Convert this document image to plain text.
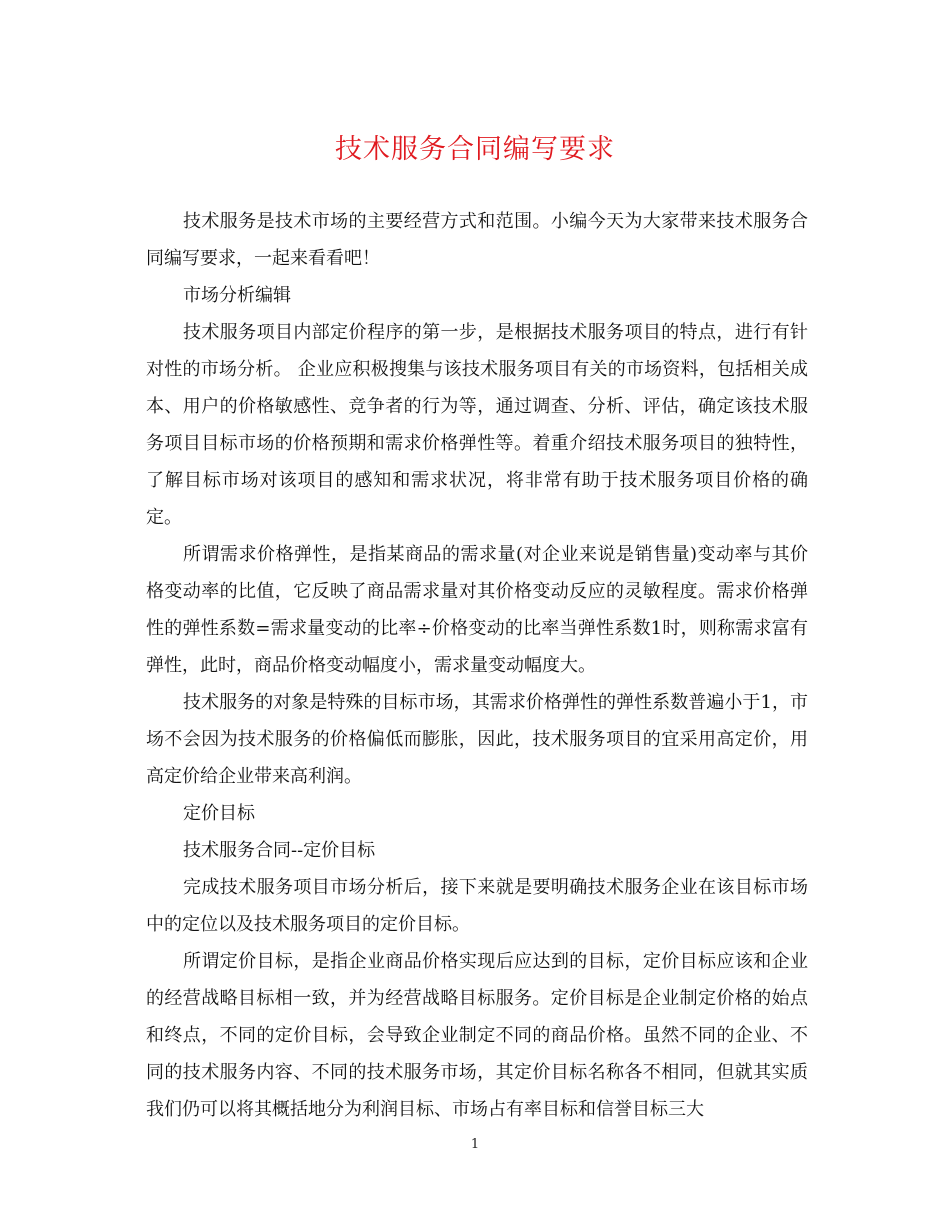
技术服务合同编写要求

技术服务是技术市场的主要经营方式和范围。小编今天为大家带来技术服务合同编写要求，一起来看看吧！

市场分析编辑

技术服务项目内部定价程序的第一步，是根据技术服务项目的特点，进行有针对性的市场分析。 企业应积极搜集与该技术服务项目有关的市场资料，包括相关成本、用户的价格敏感性、竞争者的行为等，通过调查、分析、评估，确定该技术服务项目目标市场的价格预期和需求价格弹性等。着重介绍技术服务项目的独特性，了解目标市场对该项目的感知和需求状况，将非常有助于技术服务项目价格的确定。

所谓需求价格弹性，是指某商品的需求量(对企业来说是销售量)变动率与其价格变动率的比值，它反映了商品需求量对其价格变动反应的灵敏程度。需求价格弹性的弹性系数=需求量变动的比率÷价格变动的比率当弹性系数1时，则称需求富有弹性，此时，商品价格变动幅度小，需求量变动幅度大。

技术服务的对象是特殊的目标市场，其需求价格弹性的弹性系数普遍小于1，市场不会因为技术服务的价格偏低而膨胀，因此，技术服务项目的宜采用高定价，用高定价给企业带来高利润。

定价目标

技术服务合同--定价目标

完成技术服务项目市场分析后，接下来就是要明确技术服务企业在该目标市场中的定位以及技术服务项目的定价目标。

所谓定价目标，是指企业商品价格实现后应达到的目标，定价目标应该和企业的经营战略目标相一致，并为经营战略目标服务。定价目标是企业制定价格的始点和终点，不同的定价目标，会导致企业制定不同的商品价格。虽然不同的企业、不同的技术服务内容、不同的技术服务市场，其定价目标名称各不相同，但就其实质我们仍可以将其概括地分为利润目标、市场占有率目标和信誉目标三大

1
